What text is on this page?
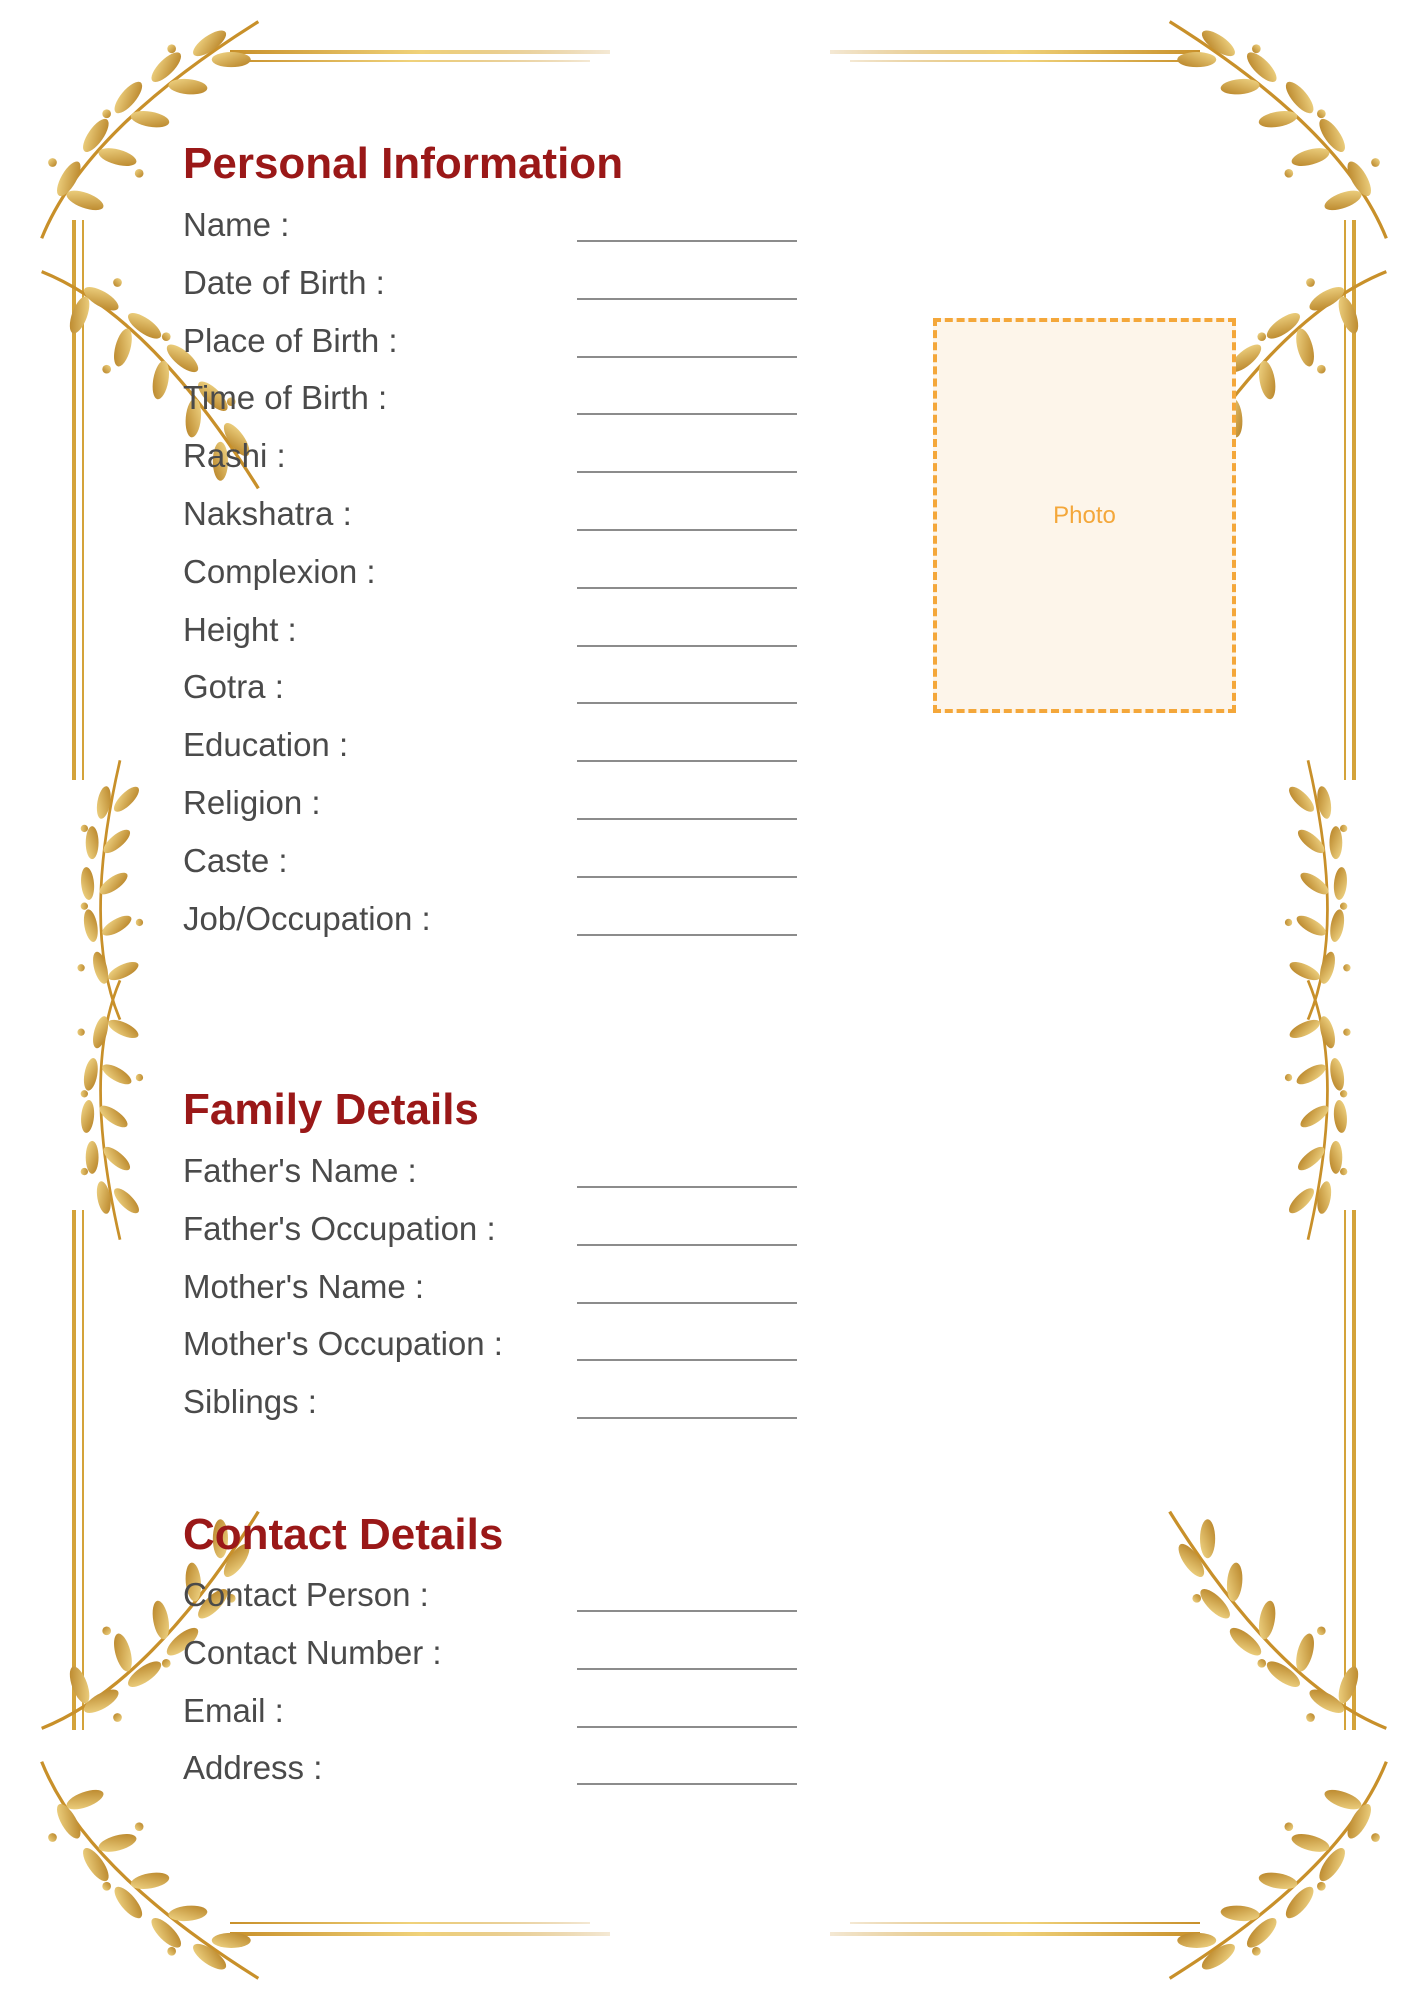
Personal Information
Name :
Date of Birth :
Place of Birth :
Time of Birth :
Rashi :
Nakshatra :
Complexion :
Height :
Gotra :
Education :
Religion :
Caste :
Job/Occupation :
Photo
Family Details
Father's Name :
Father's Occupation :
Mother's Name :
Mother's Occupation :
Siblings :
Contact Details
Contact Person :
Contact Number :
Email :
Address :
